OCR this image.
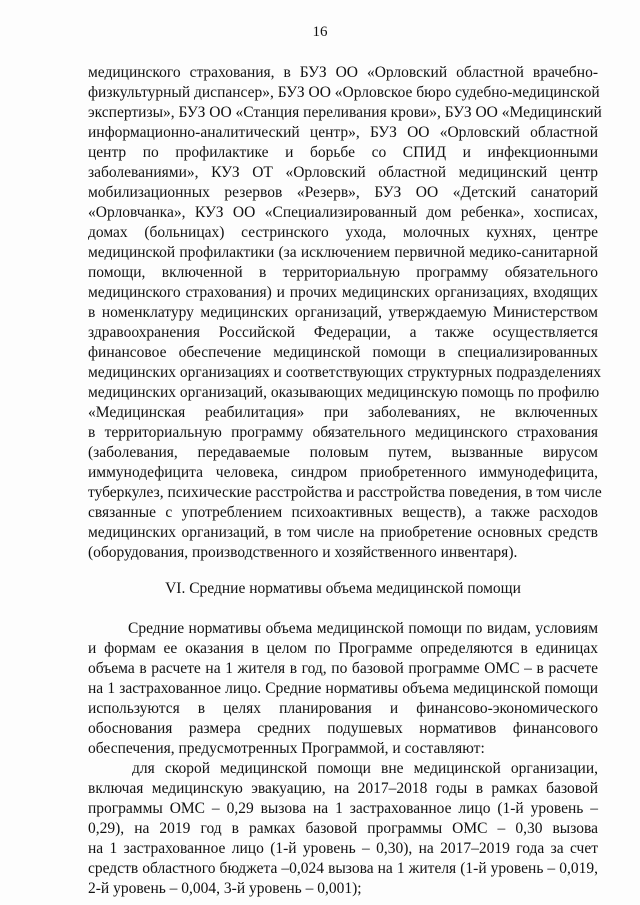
16
медицинского страхования, в БУЗ ОО «Орловский областной врачебно-
физкультурный диспансер», БУЗ ОО «Орловское бюро судебно-медицинской
экспертизы», БУЗ ОО «Станция переливания крови», БУЗ ОО «Медицинский
информационно-аналитический центр», БУЗ ОО «Орловский областной
центр по профилактике и борьбе со СПИД и инфекционными
заболеваниями», КУЗ ОТ «Орловский областной медицинский центр
мобилизационных резервов «Резерв», БУЗ ОО «Детский санаторий
«Орловчанка», КУЗ ОО «Специализированный дом ребенка», хосписах,
домах (больницах) сестринского ухода, молочных кухнях, центре
медицинской профилактики (за исключением первичной медико-санитарной
помощи, включенной в территориальную программу обязательного
медицинского страхования) и прочих медицинских организациях, входящих
в номенклатуру медицинских организаций, утверждаемую Министерством
здравоохранения Российской Федерации, а также осуществляется
финансовое обеспечение медицинской помощи в специализированных
медицинских организациях и соответствующих структурных подразделениях
медицинских организаций, оказывающих медицинскую помощь по профилю
«Медицинская реабилитация» при заболеваниях, не включенных
в территориальную программу обязательного медицинского страхования
(заболевания, передаваемые половым путем, вызванные вирусом
иммунодефицита человека, синдром приобретенного иммунодефицита,
туберкулез, психические расстройства и расстройства поведения, в том числе
связанные с употреблением психоактивных веществ), а также расходов
медицинских организаций, в том числе на приобретение основных средств
(оборудования, производственного и хозяйственного инвентаря).
VI. Средние нормативы объема медицинской помощи
Средние нормативы объема медицинской помощи по видам, условиям
и формам ее оказания в целом по Программе определяются в единицах
объема в расчете на 1 жителя в год, по базовой программе ОМС – в расчете
на 1 застрахованное лицо. Средние нормативы объема медицинской помощи
используются в целях планирования и финансово-экономического
обоснования размера средних подушевых нормативов финансового
обеспечения, предусмотренных Программой, и составляют:
для скорой медицинской помощи вне медицинской организации,
включая медицинскую эвакуацию, на 2017–2018 годы в рамках базовой
программы ОМС – 0,29 вызова на 1 застрахованное лицо (1-й уровень –
0,29), на 2019 год в рамках базовой программы ОМС – 0,30 вызова
на 1 застрахованное лицо (1-й уровень – 0,30), на 2017–2019 года за счет
средств областного бюджета –0,024 вызова на 1 жителя (1-й уровень – 0,019,
2-й уровень – 0,004, 3-й уровень – 0,001);
